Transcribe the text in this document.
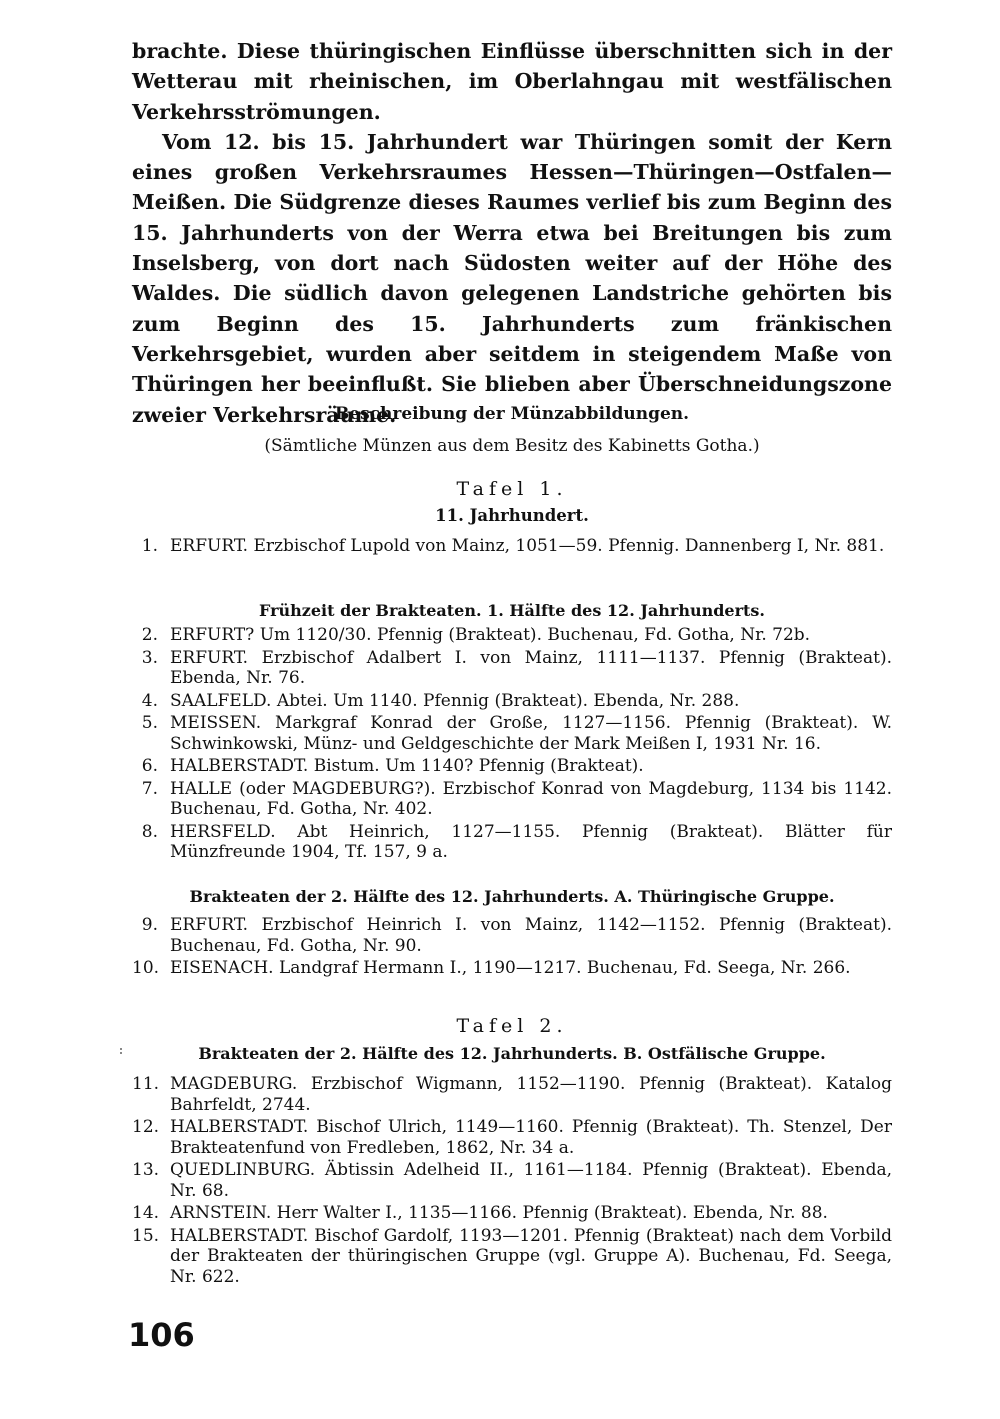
brachte. Diese thüringischen Einflüsse überschnitten sich in der Wetterau mit rheinischen, im Oberlahngau mit westfälischen Verkehrsströmungen.

Vom 12. bis 15. Jahrhundert war Thüringen somit der Kern eines großen Verkehrsraumes Hessen—Thüringen—Ostfalen—Meißen. Die Südgrenze dieses Raumes verlief bis zum Beginn des 15. Jahrhunderts von der Werra etwa bei Breitungen bis zum Inselsberg, von dort nach Südosten weiter auf der Höhe des Waldes. Die südlich davon gelegenen Landstriche gehörten bis zum Beginn des 15. Jahrhunderts zum fränkischen Verkehrsgebiet, wurden aber seitdem in steigendem Maße von Thüringen her beeinflußt. Sie blieben aber Überschneidungszone zweier Verkehrsräume.

Beschreibung der Münzabbildungen.
(Sämtliche Münzen aus dem Besitz des Kabinetts Gotha.)
Tafel 1.
11. Jahrhundert.
1. ERFURT. Erzbischof Lupold von Mainz, 1051—59. Pfennig. Dannenberg I, Nr. 881.
Frühzeit der Brakteaten. 1. Hälfte des 12. Jahrhunderts.
2. ERFURT? Um 1120/30. Pfennig (Brakteat). Buchenau, Fd. Gotha, Nr. 72b.
3. ERFURT. Erzbischof Adalbert I. von Mainz, 1111—1137. Pfennig (Brakteat). Ebenda, Nr. 76.
4. SAALFELD. Abtei. Um 1140. Pfennig (Brakteat). Ebenda, Nr. 288.
5. MEISSEN. Markgraf Konrad der Große, 1127—1156. Pfennig (Brakteat). W. Schwinkowski, Münz- und Geldgeschichte der Mark Meißen I, 1931 Nr. 16.
6. HALBERSTADT. Bistum. Um 1140? Pfennig (Brakteat).
7. HALLE (oder MAGDEBURG?). Erzbischof Konrad von Magdeburg, 1134 bis 1142. Buchenau, Fd. Gotha, Nr. 402.
8. HERSFELD. Abt Heinrich, 1127—1155. Pfennig (Brakteat). Blätter für Münzfreunde 1904, Tf. 157, 9 a.
Brakteaten der 2. Hälfte des 12. Jahrhunderts. A. Thüringische Gruppe.
9. ERFURT. Erzbischof Heinrich I. von Mainz, 1142—1152. Pfennig (Brakteat). Buchenau, Fd. Gotha, Nr. 90.
10. EISENACH. Landgraf Hermann I., 1190—1217. Buchenau, Fd. Seega, Nr. 266.
Tafel 2.
Brakteaten der 2. Hälfte des 12. Jahrhunderts. B. Ostfälische Gruppe.
11. MAGDEBURG. Erzbischof Wigmann, 1152—1190. Pfennig (Brakteat). Katalog Bahrfeldt, 2744.
12. HALBERSTADT. Bischof Ulrich, 1149—1160. Pfennig (Brakteat). Th. Stenzel, Der Brakteatenfund von Fredleben, 1862, Nr. 34 a.
13. QUEDLINBURG. Äbtissin Adelheid II., 1161—1184. Pfennig (Brakteat). Ebenda, Nr. 68.
14. ARNSTEIN. Herr Walter I., 1135—1166. Pfennig (Brakteat). Ebenda, Nr. 88.
15. HALBERSTADT. Bischof Gardolf, 1193—1201. Pfennig (Brakteat) nach dem Vorbild der Brakteaten der thüringischen Gruppe (vgl. Gruppe A). Buchenau, Fd. Seega, Nr. 622.
106
